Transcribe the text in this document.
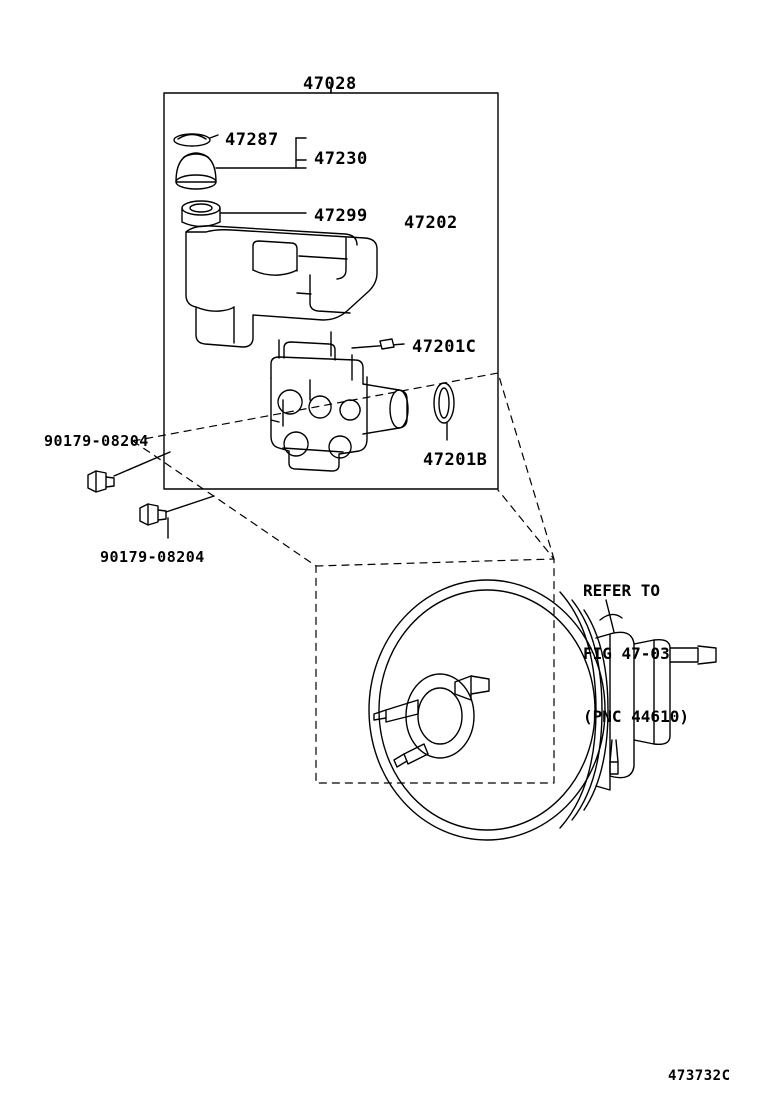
47028
47287
47230
47299 47202
47201C
47201B
90179-08204
90179-08204

REFER TO

FIG 47-03

(PNC 44610)

473732C
